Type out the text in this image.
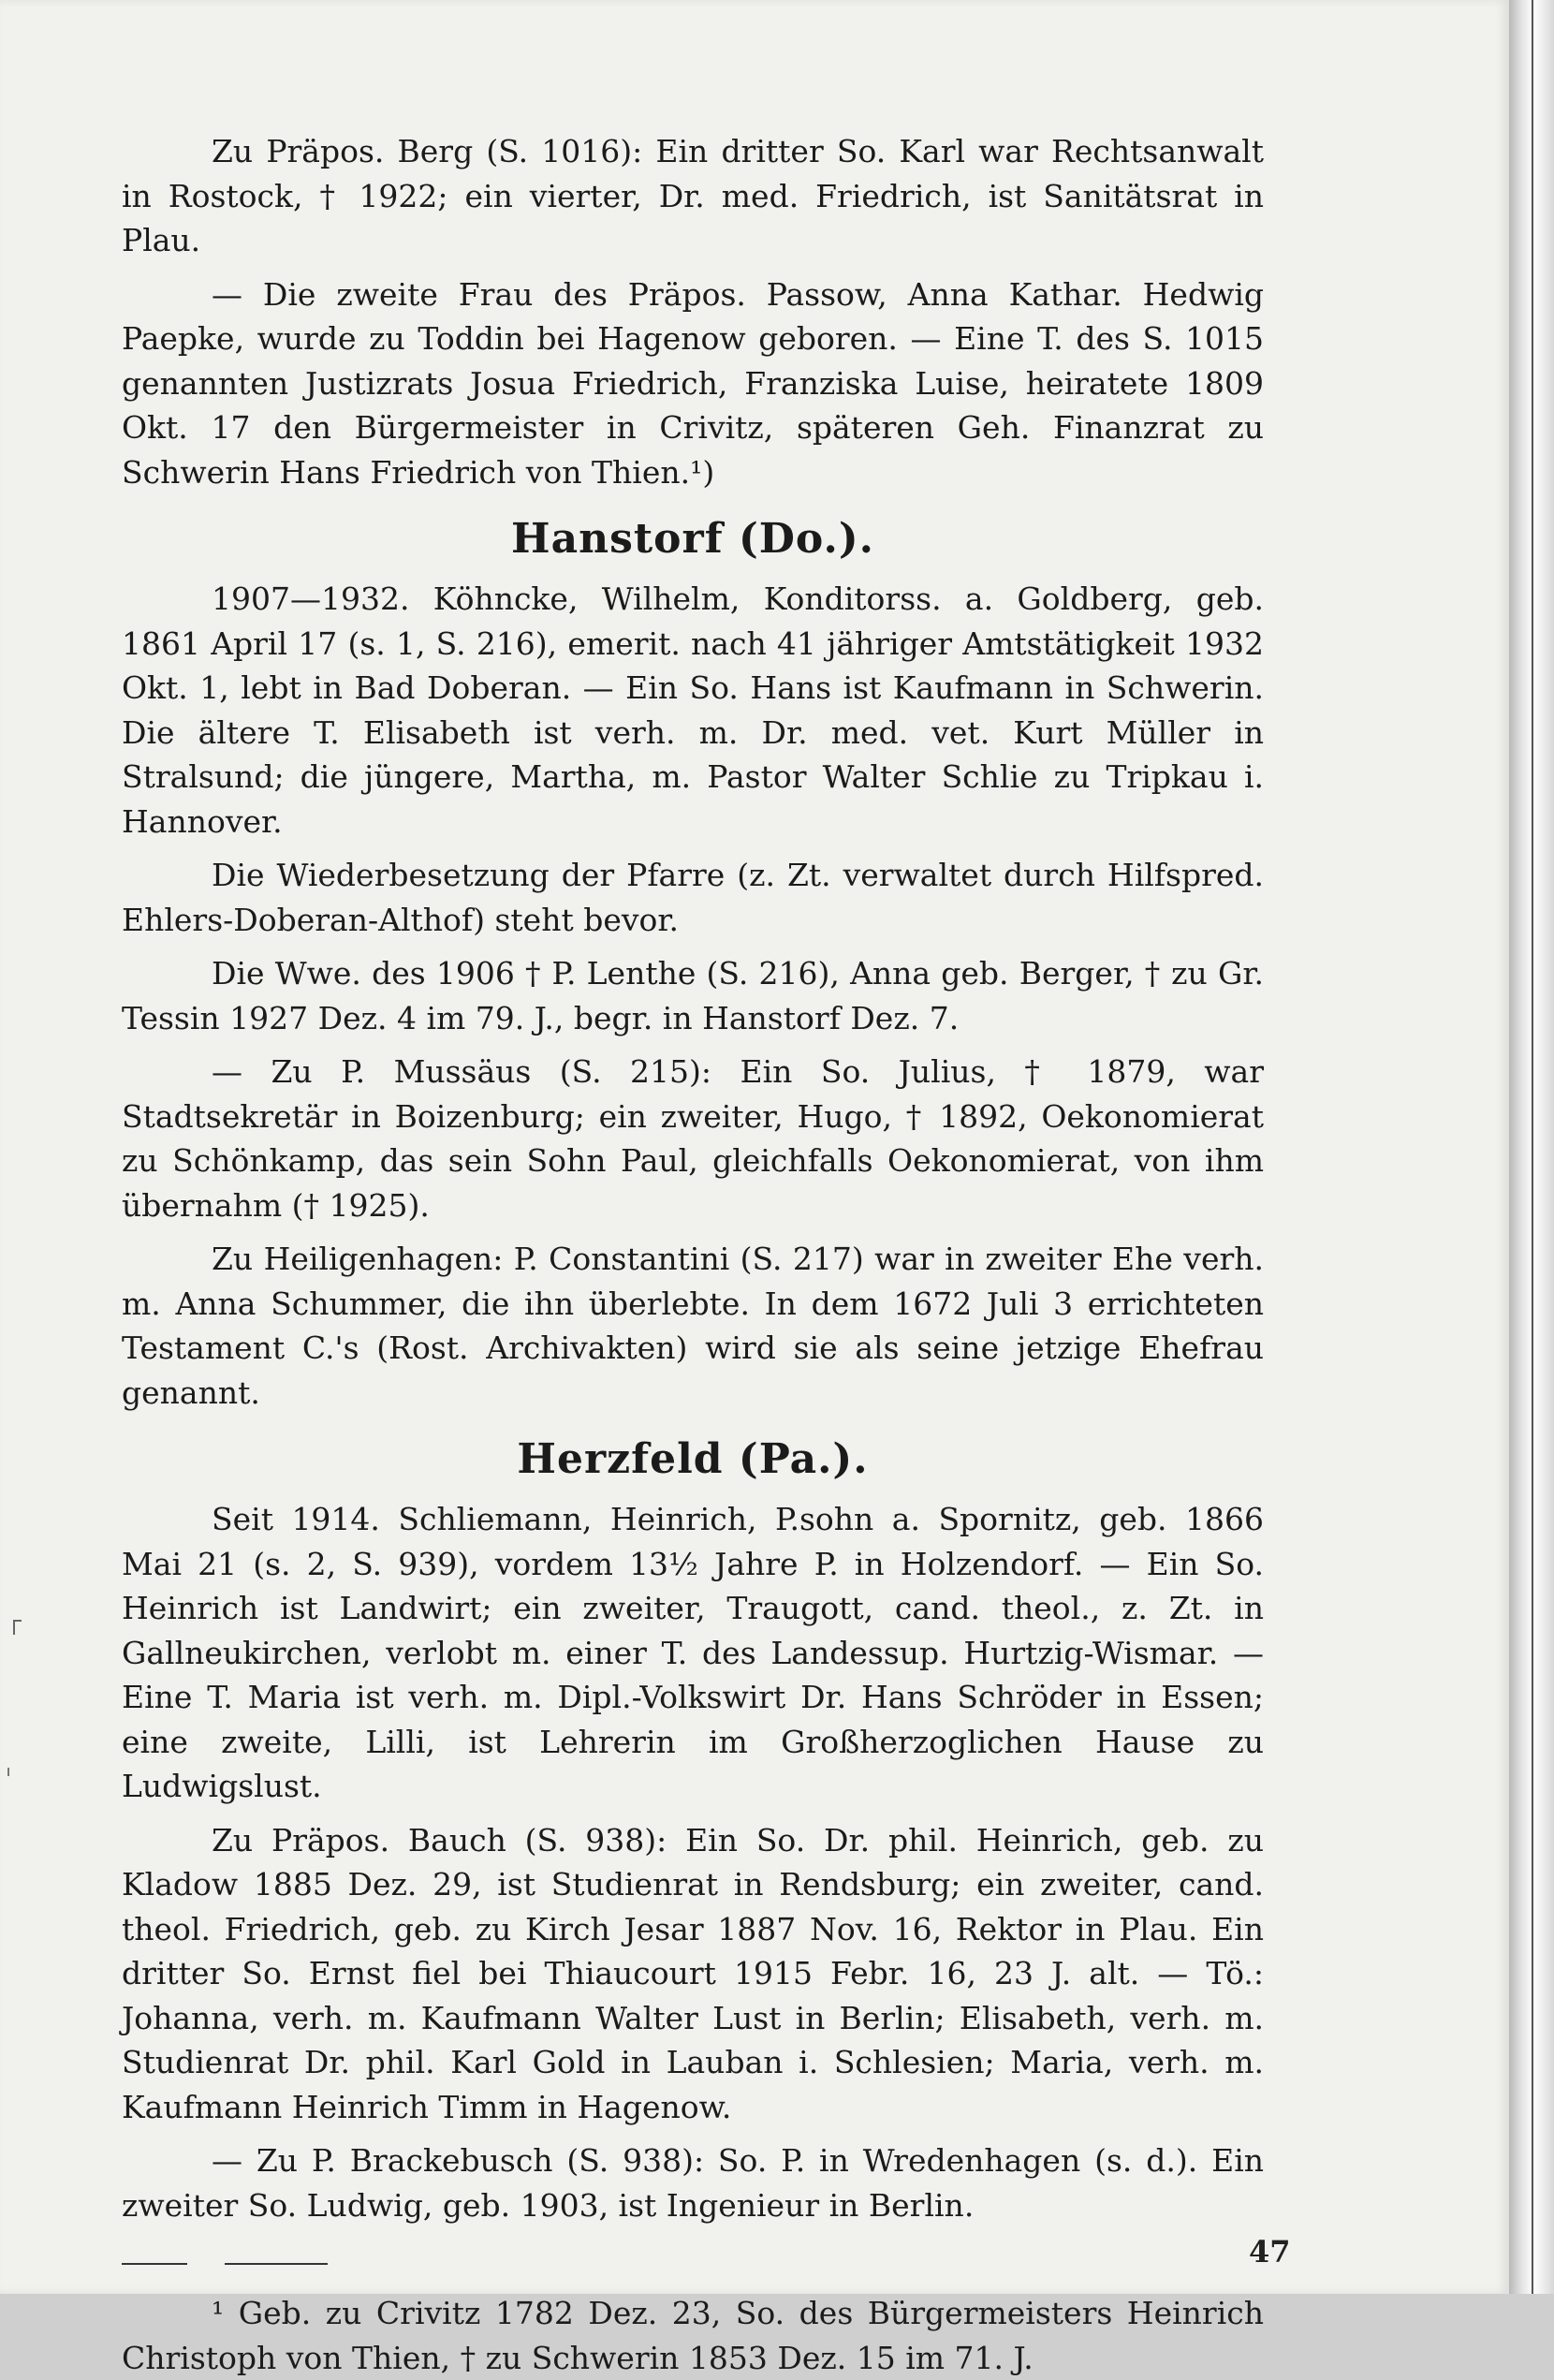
Zu Präpos. Berg (S. 1016): Ein dritter So. Karl war Rechtsanwalt in Rostock, † 1922; ein vierter, Dr. med. Friedrich, ist Sanitätsrat in Plau.

— Die zweite Frau des Präpos. Passow, Anna Kathar. Hedwig Paepke, wurde zu Toddin bei Hagenow geboren. — Eine T. des S. 1015 genannten Justizrats Josua Friedrich, Franziska Luise, heiratete 1809 Okt. 17 den Bürgermeister in Crivitz, späteren Geh. Finanzrat zu Schwerin Hans Friedrich von Thien.¹)

Hanstorf (Do.).

1907—1932. Köhncke, Wilhelm, Konditorss. a. Goldberg, geb. 1861 April 17 (s. 1, S. 216), emerit. nach 41 jähriger Amtstätigkeit 1932 Okt. 1, lebt in Bad Doberan. — Ein So. Hans ist Kaufmann in Schwerin. Die ältere T. Elisabeth ist verh. m. Dr. med. vet. Kurt Müller in Stralsund; die jüngere, Martha, m. Pastor Walter Schlie zu Tripkau i. Hannover.

Die Wiederbesetzung der Pfarre (z. Zt. verwaltet durch Hilfspred. Ehlers-Doberan-Althof) steht bevor.

Die Wwe. des 1906 † P. Lenthe (S. 216), Anna geb. Berger, † zu Gr. Tessin 1927 Dez. 4 im 79. J., begr. in Hanstorf Dez. 7.

— Zu P. Mussäus (S. 215): Ein So. Julius, † 1879, war Stadtsekretär in Boizenburg; ein zweiter, Hugo, † 1892, Oekonomierat zu Schönkamp, das sein Sohn Paul, gleichfalls Oekonomierat, von ihm übernahm († 1925).

Zu Heiligenhagen: P. Constantini (S. 217) war in zweiter Ehe verh. m. Anna Schummer, die ihn überlebte. In dem 1672 Juli 3 errichteten Testament C.'s (Rost. Archivakten) wird sie als seine jetzige Ehefrau genannt.

Herzfeld (Pa.).

Seit 1914. Schliemann, Heinrich, P.sohn a. Spornitz, geb. 1866 Mai 21 (s. 2, S. 939), vordem 13½ Jahre P. in Holzendorf. — Ein So. Heinrich ist Landwirt; ein zweiter, Traugott, cand. theol., z. Zt. in Gallneukirchen, verlobt m. einer T. des Landessup. Hurtzig-Wismar. — Eine T. Maria ist verh. m. Dipl.-Volkswirt Dr. Hans Schröder in Essen; eine zweite, Lilli, ist Lehrerin im Großherzoglichen Hause zu Ludwigslust.

Zu Präpos. Bauch (S. 938): Ein So. Dr. phil. Heinrich, geb. zu Kladow 1885 Dez. 29, ist Studienrat in Rendsburg; ein zweiter, cand. theol. Friedrich, geb. zu Kirch Jesar 1887 Nov. 16, Rektor in Plau. Ein dritter So. Ernst fiel bei Thiaucourt 1915 Febr. 16, 23 J. alt. — Tö.: Johanna, verh. m. Kaufmann Walter Lust in Berlin; Elisabeth, verh. m. Studienrat Dr. phil. Karl Gold in Lauban i. Schlesien; Maria, verh. m. Kaufmann Heinrich Timm in Hagenow.

— Zu P. Brackebusch (S. 938): So. P. in Wredenhagen (s. d.). Ein zweiter So. Ludwig, geb. 1903, ist Ingenieur in Berlin.

¹ Geb. zu Crivitz 1782 Dez. 23, So. des Bürgermeisters Heinrich Christoph von Thien, † zu Schwerin 1853 Dez. 15 im 71. J.

47
